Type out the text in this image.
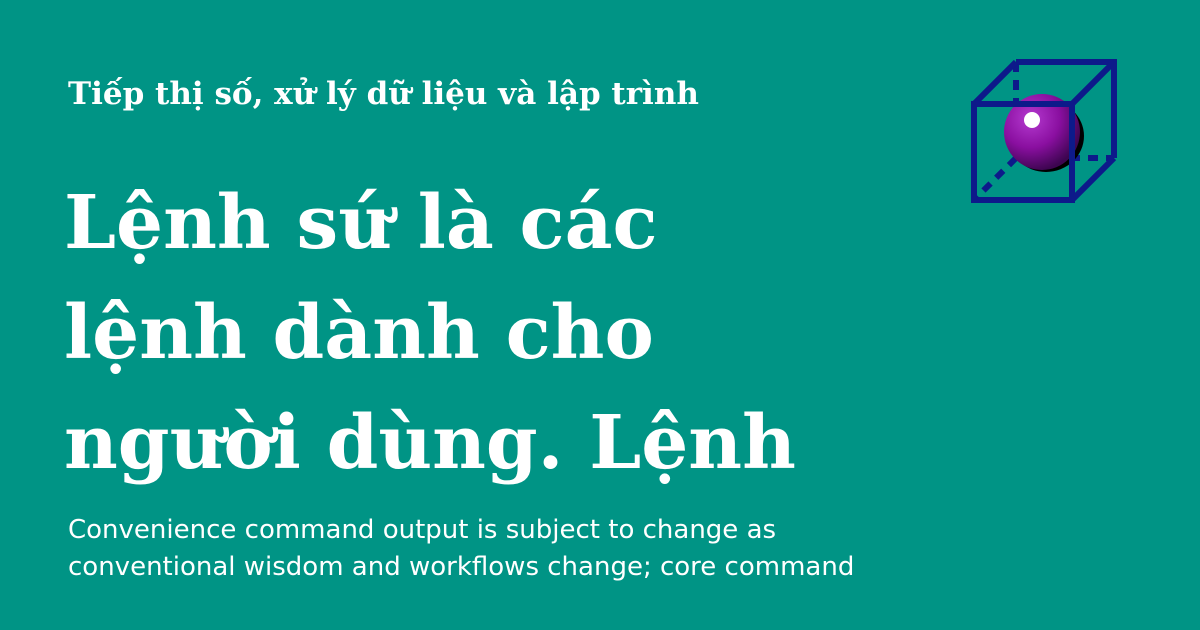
Tiếp thị số, xử lý dữ liệu và lập trình
Lệnh sứ là các
lệnh dành cho
người dùng. Lệnh
Convenience command output is subject to change as
conventional wisdom and workflows change; core command
